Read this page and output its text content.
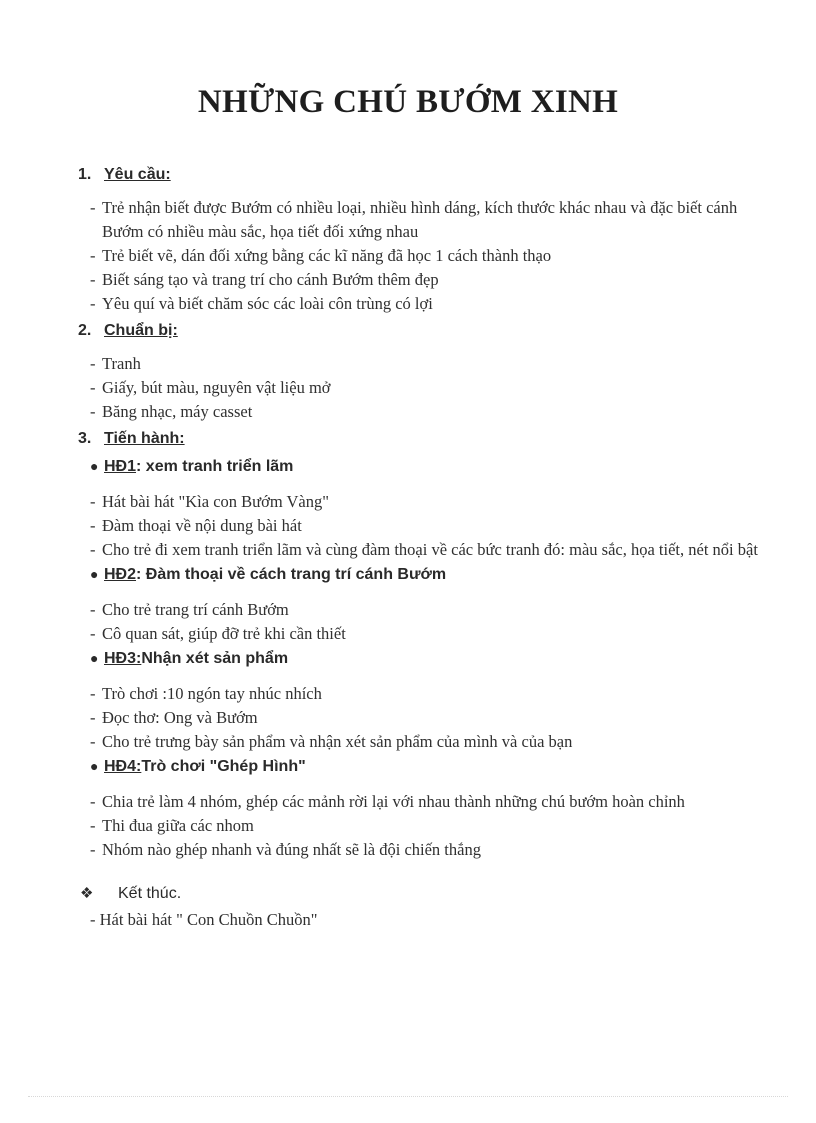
NHỮNG CHÚ BƯỚM XINH
1. Yêu cầu:
- Trẻ nhận biết được Bướm có nhiều loại, nhiều hình dáng, kích thước khác nhau và đặc biết cánh Bướm có nhiều màu sắc, họa tiết đối xứng nhau
- Trẻ biết vẽ, dán đối xứng bằng các kĩ năng đã học 1 cách thành thạo
- Biết sáng tạo và trang trí cho cánh Bướm thêm đẹp
- Yêu quí và biết chăm sóc các loài côn trùng có lợi
2. Chuẩn bị:
- Tranh
- Giấy, bút màu, nguyên vật liệu mở
- Băng nhạc, máy casset
3. Tiến hành:
● HĐ1 : xem tranh triển lãm
- Hát bài hát "Kìa con Bướm Vàng"
- Đàm thoại về nội dung bài hát
- Cho trẻ đi xem tranh triển lãm và cùng đàm thoại về các bức tranh đó: màu sắc, họa tiết, nét nổi bật
● HĐ2 : Đàm thoại về cách trang trí cánh Bướm
- Cho trẻ trang trí cánh Bướm
- Cô quan sát, giúp đỡ trẻ khi cần thiết
● HĐ3: Nhận xét sản phẩm
- Trò chơi :10 ngón tay nhúc nhích
- Đọc thơ: Ong và Bướm
- Cho trẻ trưng bày sản phẩm và nhận xét sản phẩm của mình và của bạn
● HĐ4: Trò chơi "Ghép Hình"
- Chia trẻ làm 4 nhóm, ghép các mảnh rời lại với nhau thành những chú bướm hoàn chỉnh
- Thi đua giữa các nhom
- Nhóm nào ghép nhanh và đúng nhất sẽ là đội chiến thắng
❖	Kết thúc.
- Hát bài hát " Con Chuồn Chuồn"
